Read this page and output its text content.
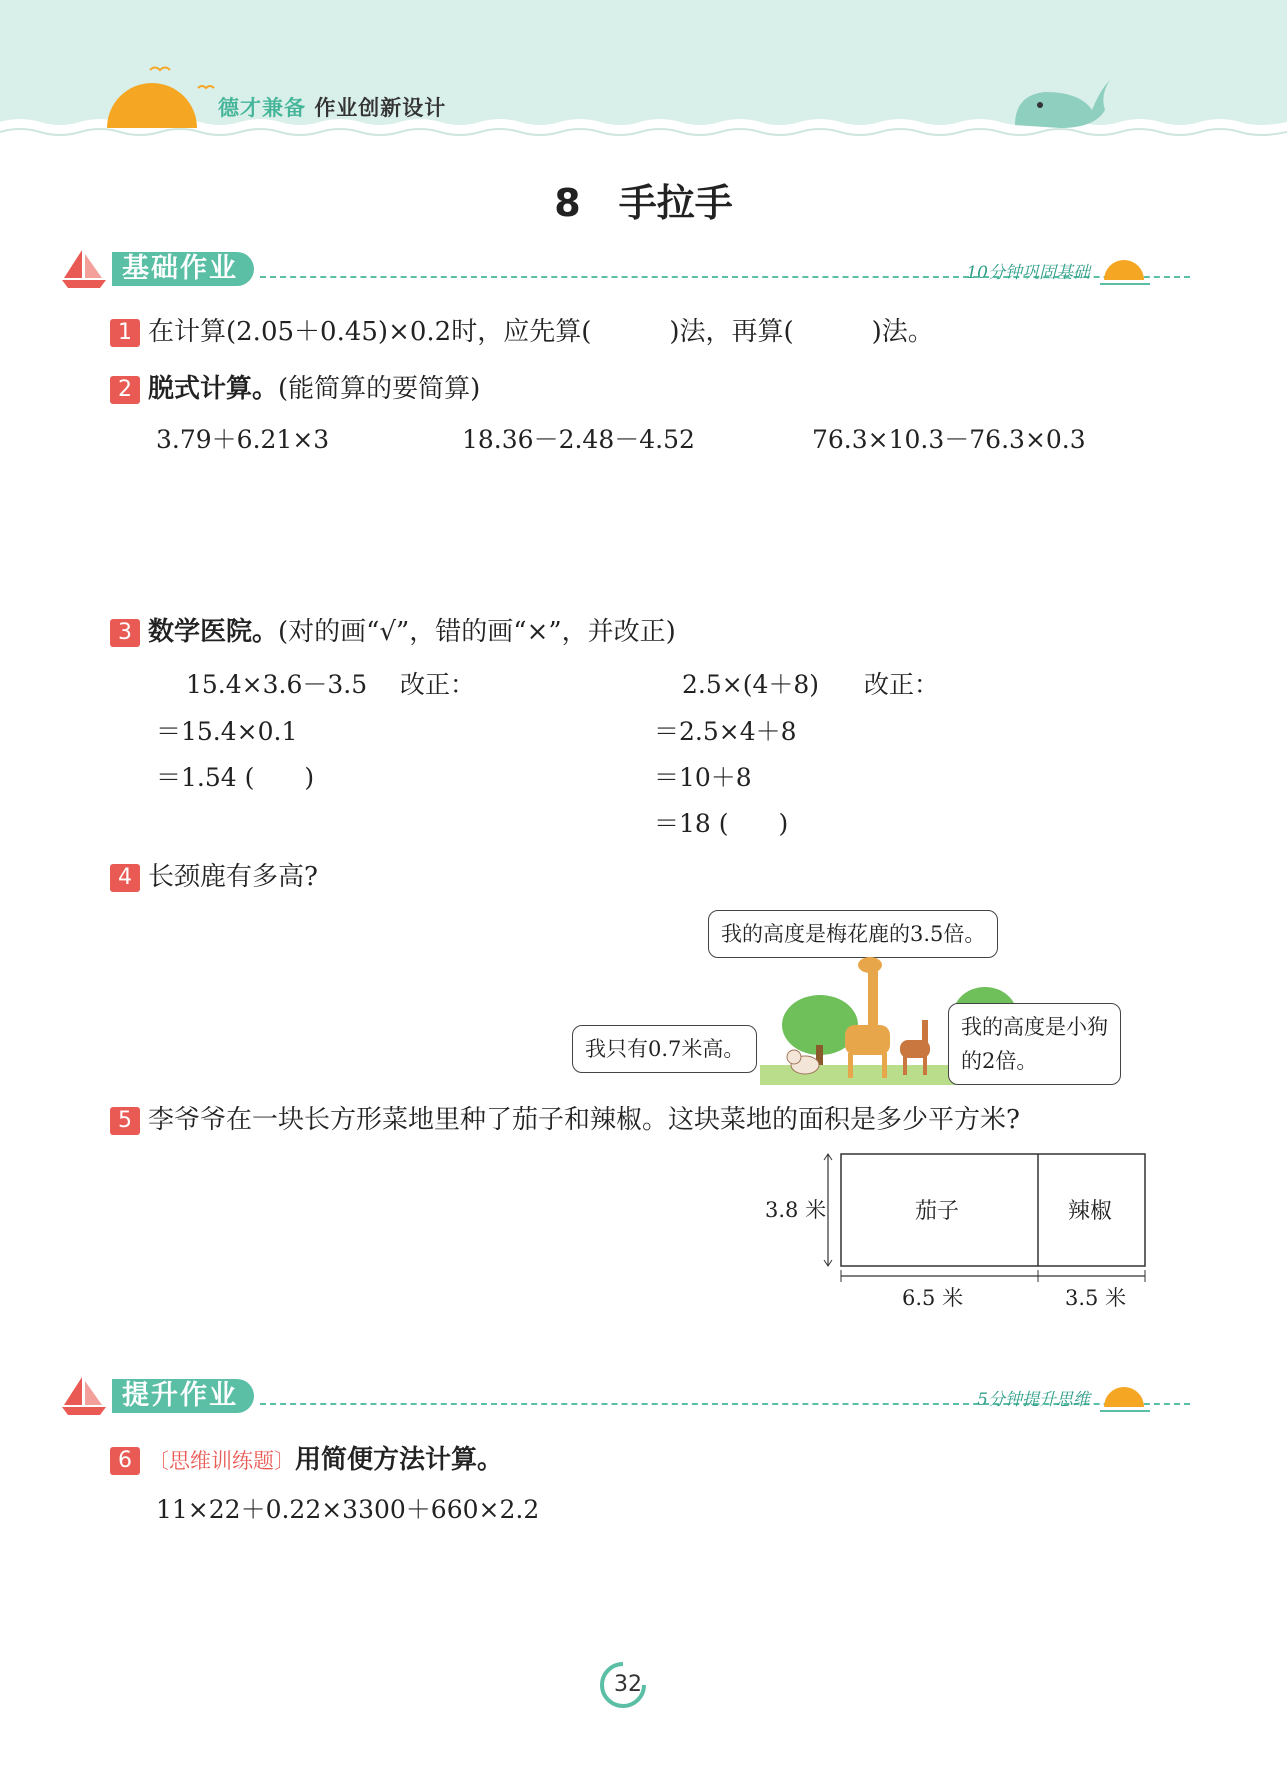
德才兼备 作业创新设计
8　手拉手
基础作业	10分钟巩固基础
1 在计算(2.05＋0.45)×0.2时，应先算(　　　)法，再算(　　　)法。
2 脱式计算。(能简算的要简算)
3.79＋6.21×3	18.36－2.48－4.52	76.3×10.3－76.3×0.3
3 数学医院。(对的画“√”，错的画“×”，并改正)
15.4×3.6－3.5 改正：
＝15.4×0.1
＝1.54 (　　)
2.5×(4＋8) 改正：
＝2.5×4＋8
＝10＋8
＝18 (　　)
4 长颈鹿有多高?
我的高度是梅花鹿的3.5倍。
我只有0.7米高。
我的高度是小狗
的2倍。
5 李爷爷在一块长方形菜地里种了茄子和辣椒。这块菜地的面积是多少平方米?
3.8 米	茄子	辣椒
6.5 米	3.5 米
提升作业	5分钟提升思维
6 〔思维训练题〕用简便方法计算。
11×22＋0.22×3300＋660×2.2
32
